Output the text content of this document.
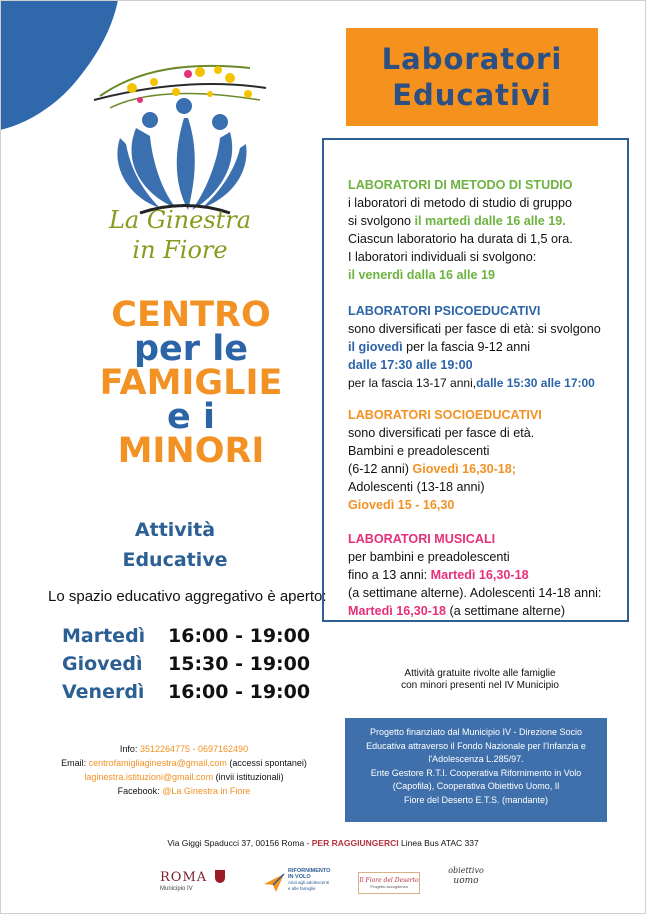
La Ginestra
in Fiore
Laboratori
Educativi
CENTRO
per le
FAMIGLIE
e i
MINORI
Attività
Educative
Lo spazio educativo aggregativo è aperto:
Martedì	16:00 - 19:00
Giovedì	15:30 - 19:00
Venerdì	16:00 - 19:00
Info: 3512264775 - 0697162490
Email: centrofamigliaginestra@gmail.com (accessi spontanei)
laginestra.istituzioni@gmail.com (invii istituzionali)
Facebook: @La Ginestra in Fiore
LABORATORI DI METODO DI STUDIO
i laboratori di metodo di studio di gruppo
si svolgono il martedì dalle 16 alle 19.
Ciascun laboratorio ha durata di 1,5 ora.
I laboratori individuali si svolgono:
il venerdì dalla 16 alle 19
LABORATORI PSICOEDUCATIVI
sono diversificati per fasce di età: si svolgono
il giovedì per la fascia 9-12 anni
dalle 17:30 alle 19:00
per la fascia 13-17 anni,dalle 15:30 alle 17:00
LABORATORI SOCIOEDUCATIVI
sono diversificati per fasce di età.
Bambini e preadolescenti
(6-12 anni) Giovedì 16,30-18;
Adolescenti (13-18 anni)
Giovedì 15 - 16,30
LABORATORI MUSICALI
per bambini e preadolescenti
fino a 13 anni: Martedì 16,30-18
(a settimane alterne). Adolescenti 14-18 anni:
Martedì 16,30-18 (a settimane alterne)
Attività gratuite rivolte alle famiglie
con minori presenti nel IV Municipio
Progetto finanziato dal Municipio IV - Direzione Socio
Educativa attraverso il Fondo Nazionale per l'Infanzia e
l'Adolescenza L.285/97.
Ente Gestore R.T.I. Cooperativa Rifornimento in Volo
(Capofila), Cooperativa Obiettivo Uomo, Il
Fiore del Deserto E.T.S. (mandante)
Via Giggi Spaducci 37, 00156 Roma - PER RAGGIUNGERCI Linea Bus ATAC 337
ROMA
Municipio IV
RIFORNIMENTO
IN VOLO
Aiuti agli adolescenti
e alle famiglie
Il Fiore del Deserto
Progetto accoglienza
obiettivo
uomo
